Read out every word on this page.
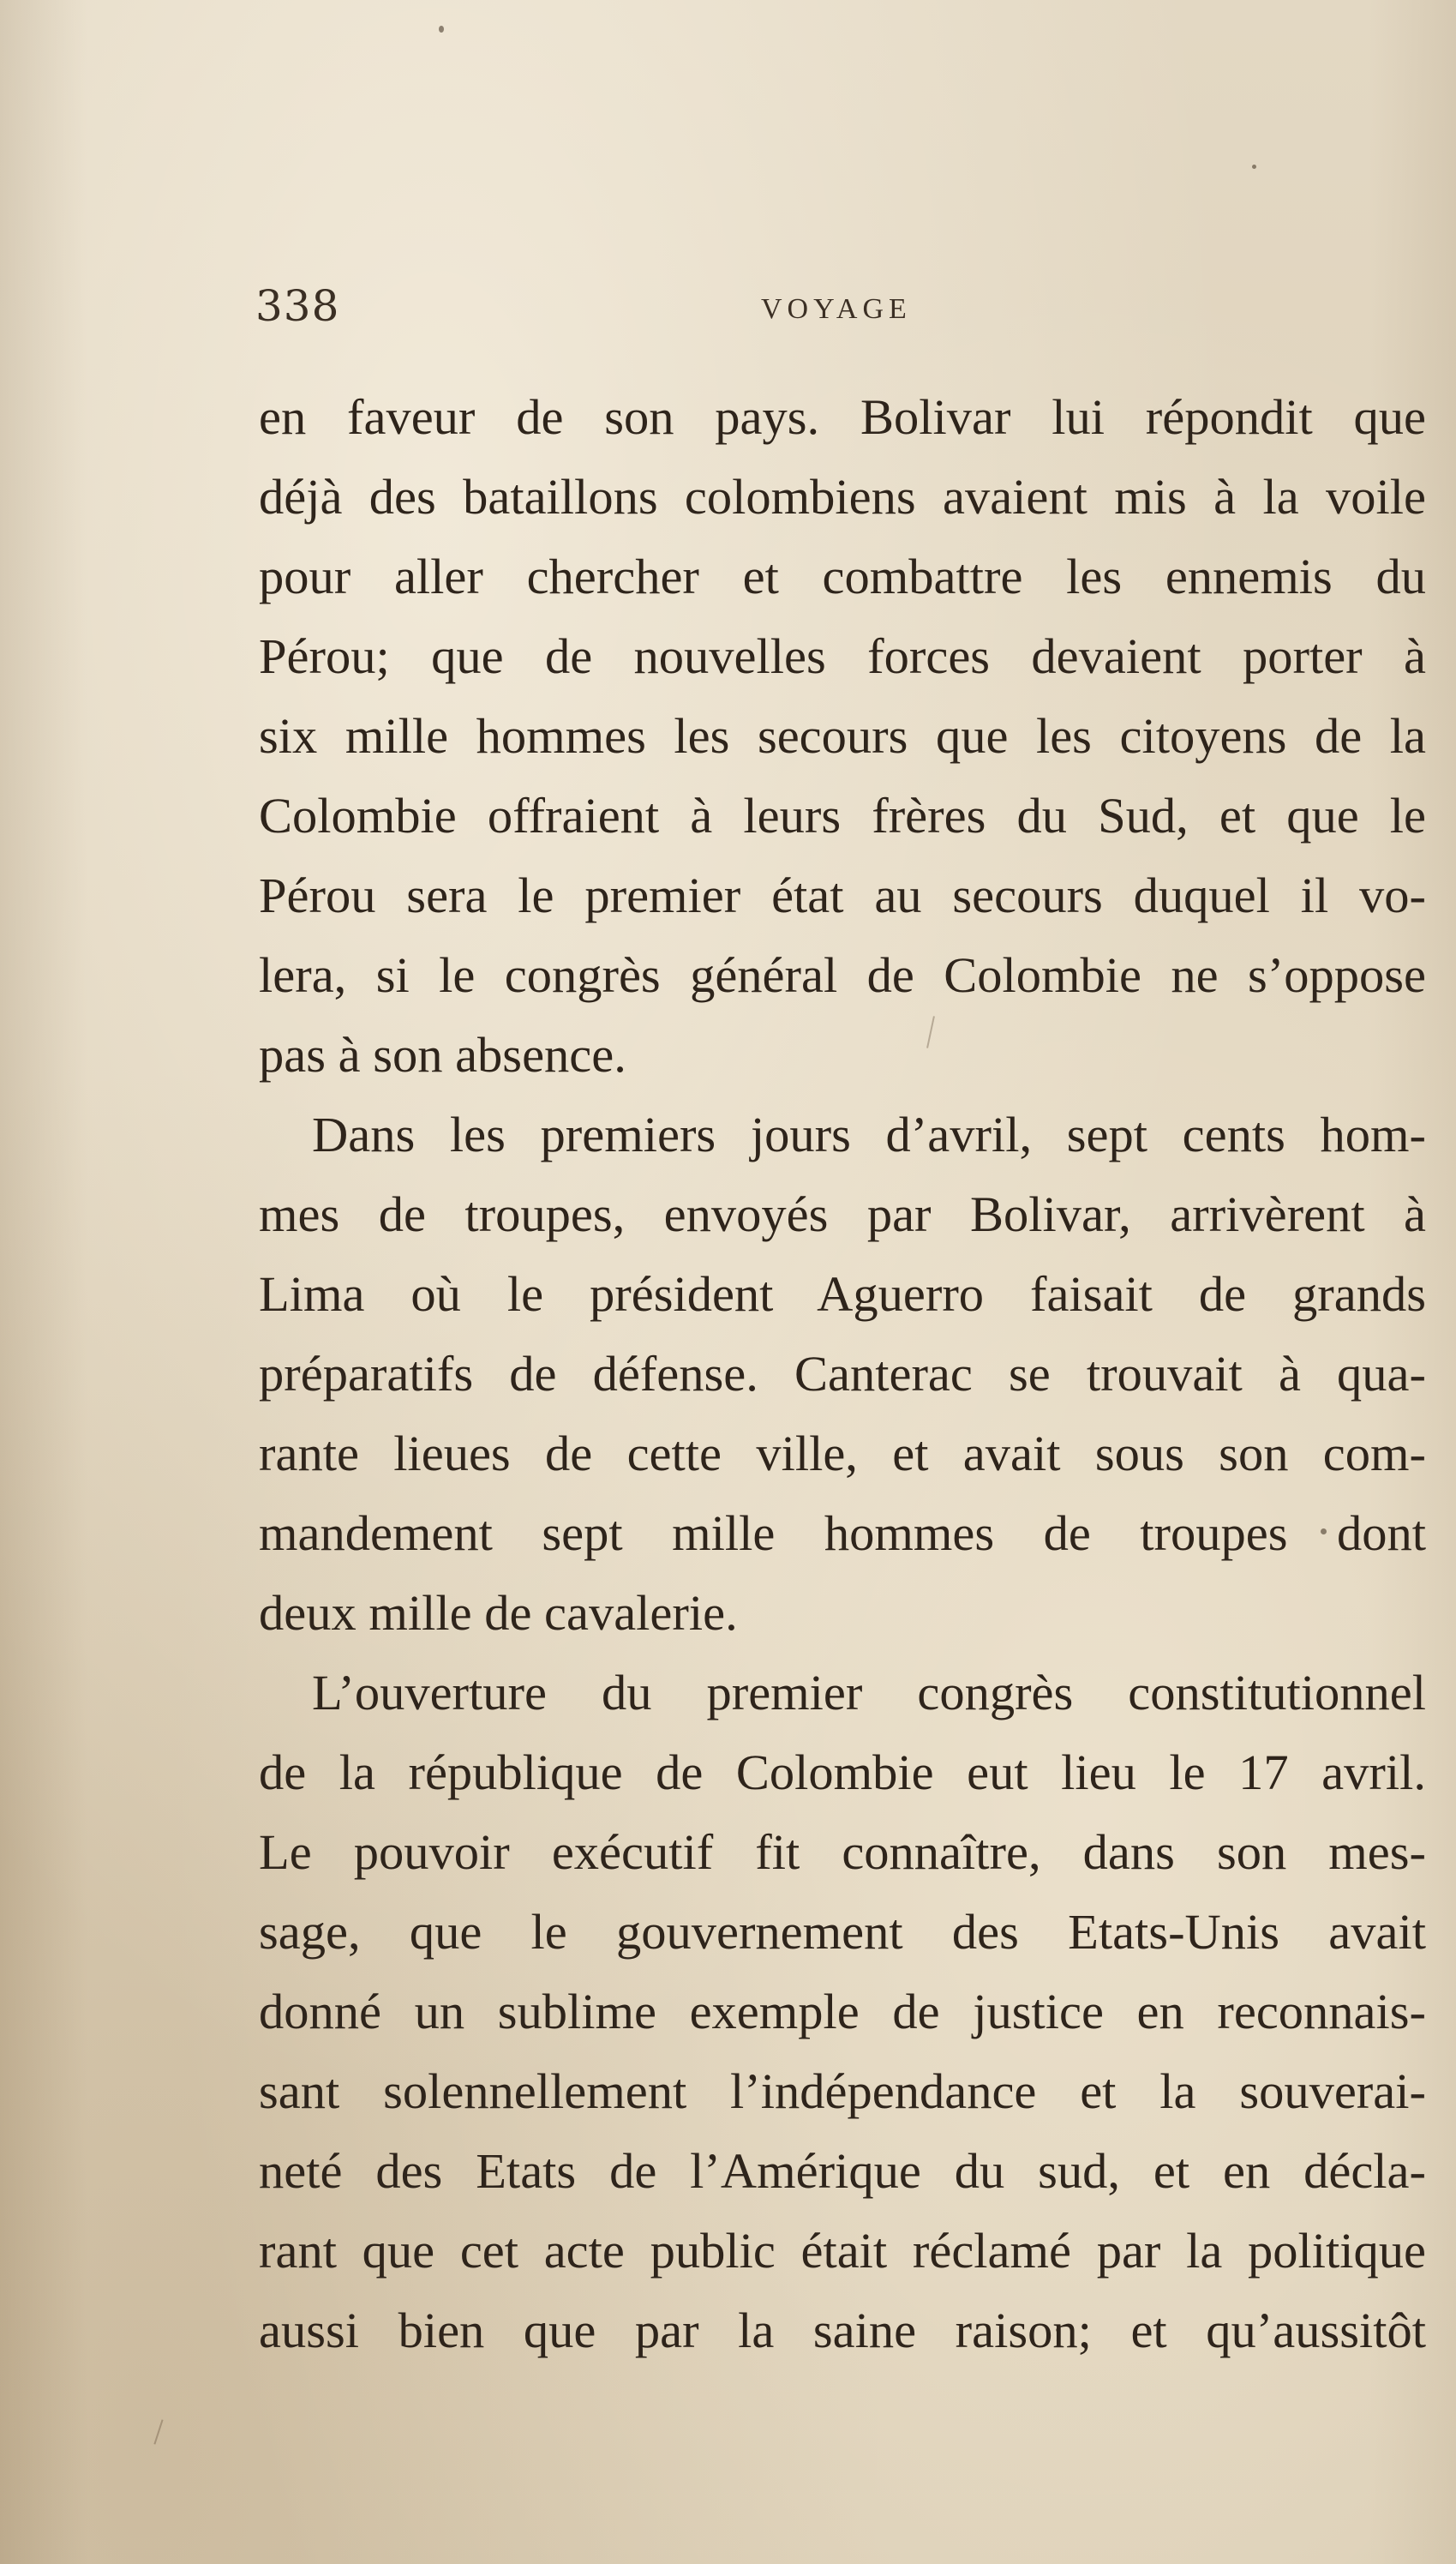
338	VOYAGE
en faveur de son pays. Bolivar lui répondit que
déjà des bataillons colombiens avaient mis à la voile
pour aller chercher et combattre les ennemis du
Pérou; que de nouvelles forces devaient porter à
six mille hommes les secours que les citoyens de la
Colombie offraient à leurs frères du Sud, et que le
Pérou sera le premier état au secours duquel il vo-
lera, si le congrès général de Colombie ne s’oppose
pas à son absence.
Dans les premiers jours d’avril, sept cents hom-
mes de troupes, envoyés par Bolivar, arrivèrent à
Lima où le président Aguerro faisait de grands
préparatifs de défense. Canterac se trouvait à qua-
rante lieues de cette ville, et avait sous son com-
mandement sept mille hommes de troupes dont
deux mille de cavalerie.
L’ouverture du premier congrès constitutionnel
de la république de Colombie eut lieu le 17 avril.
Le pouvoir exécutif fit connaître, dans son mes-
sage, que le gouvernement des Etats-Unis avait
donné un sublime exemple de justice en reconnais-
sant solennellement l’indépendance et la souverai-
neté des Etats de l’Amérique du sud, et en décla-
rant que cet acte public était réclamé par la politique
aussi bien que par la saine raison; et qu’aussitôt
